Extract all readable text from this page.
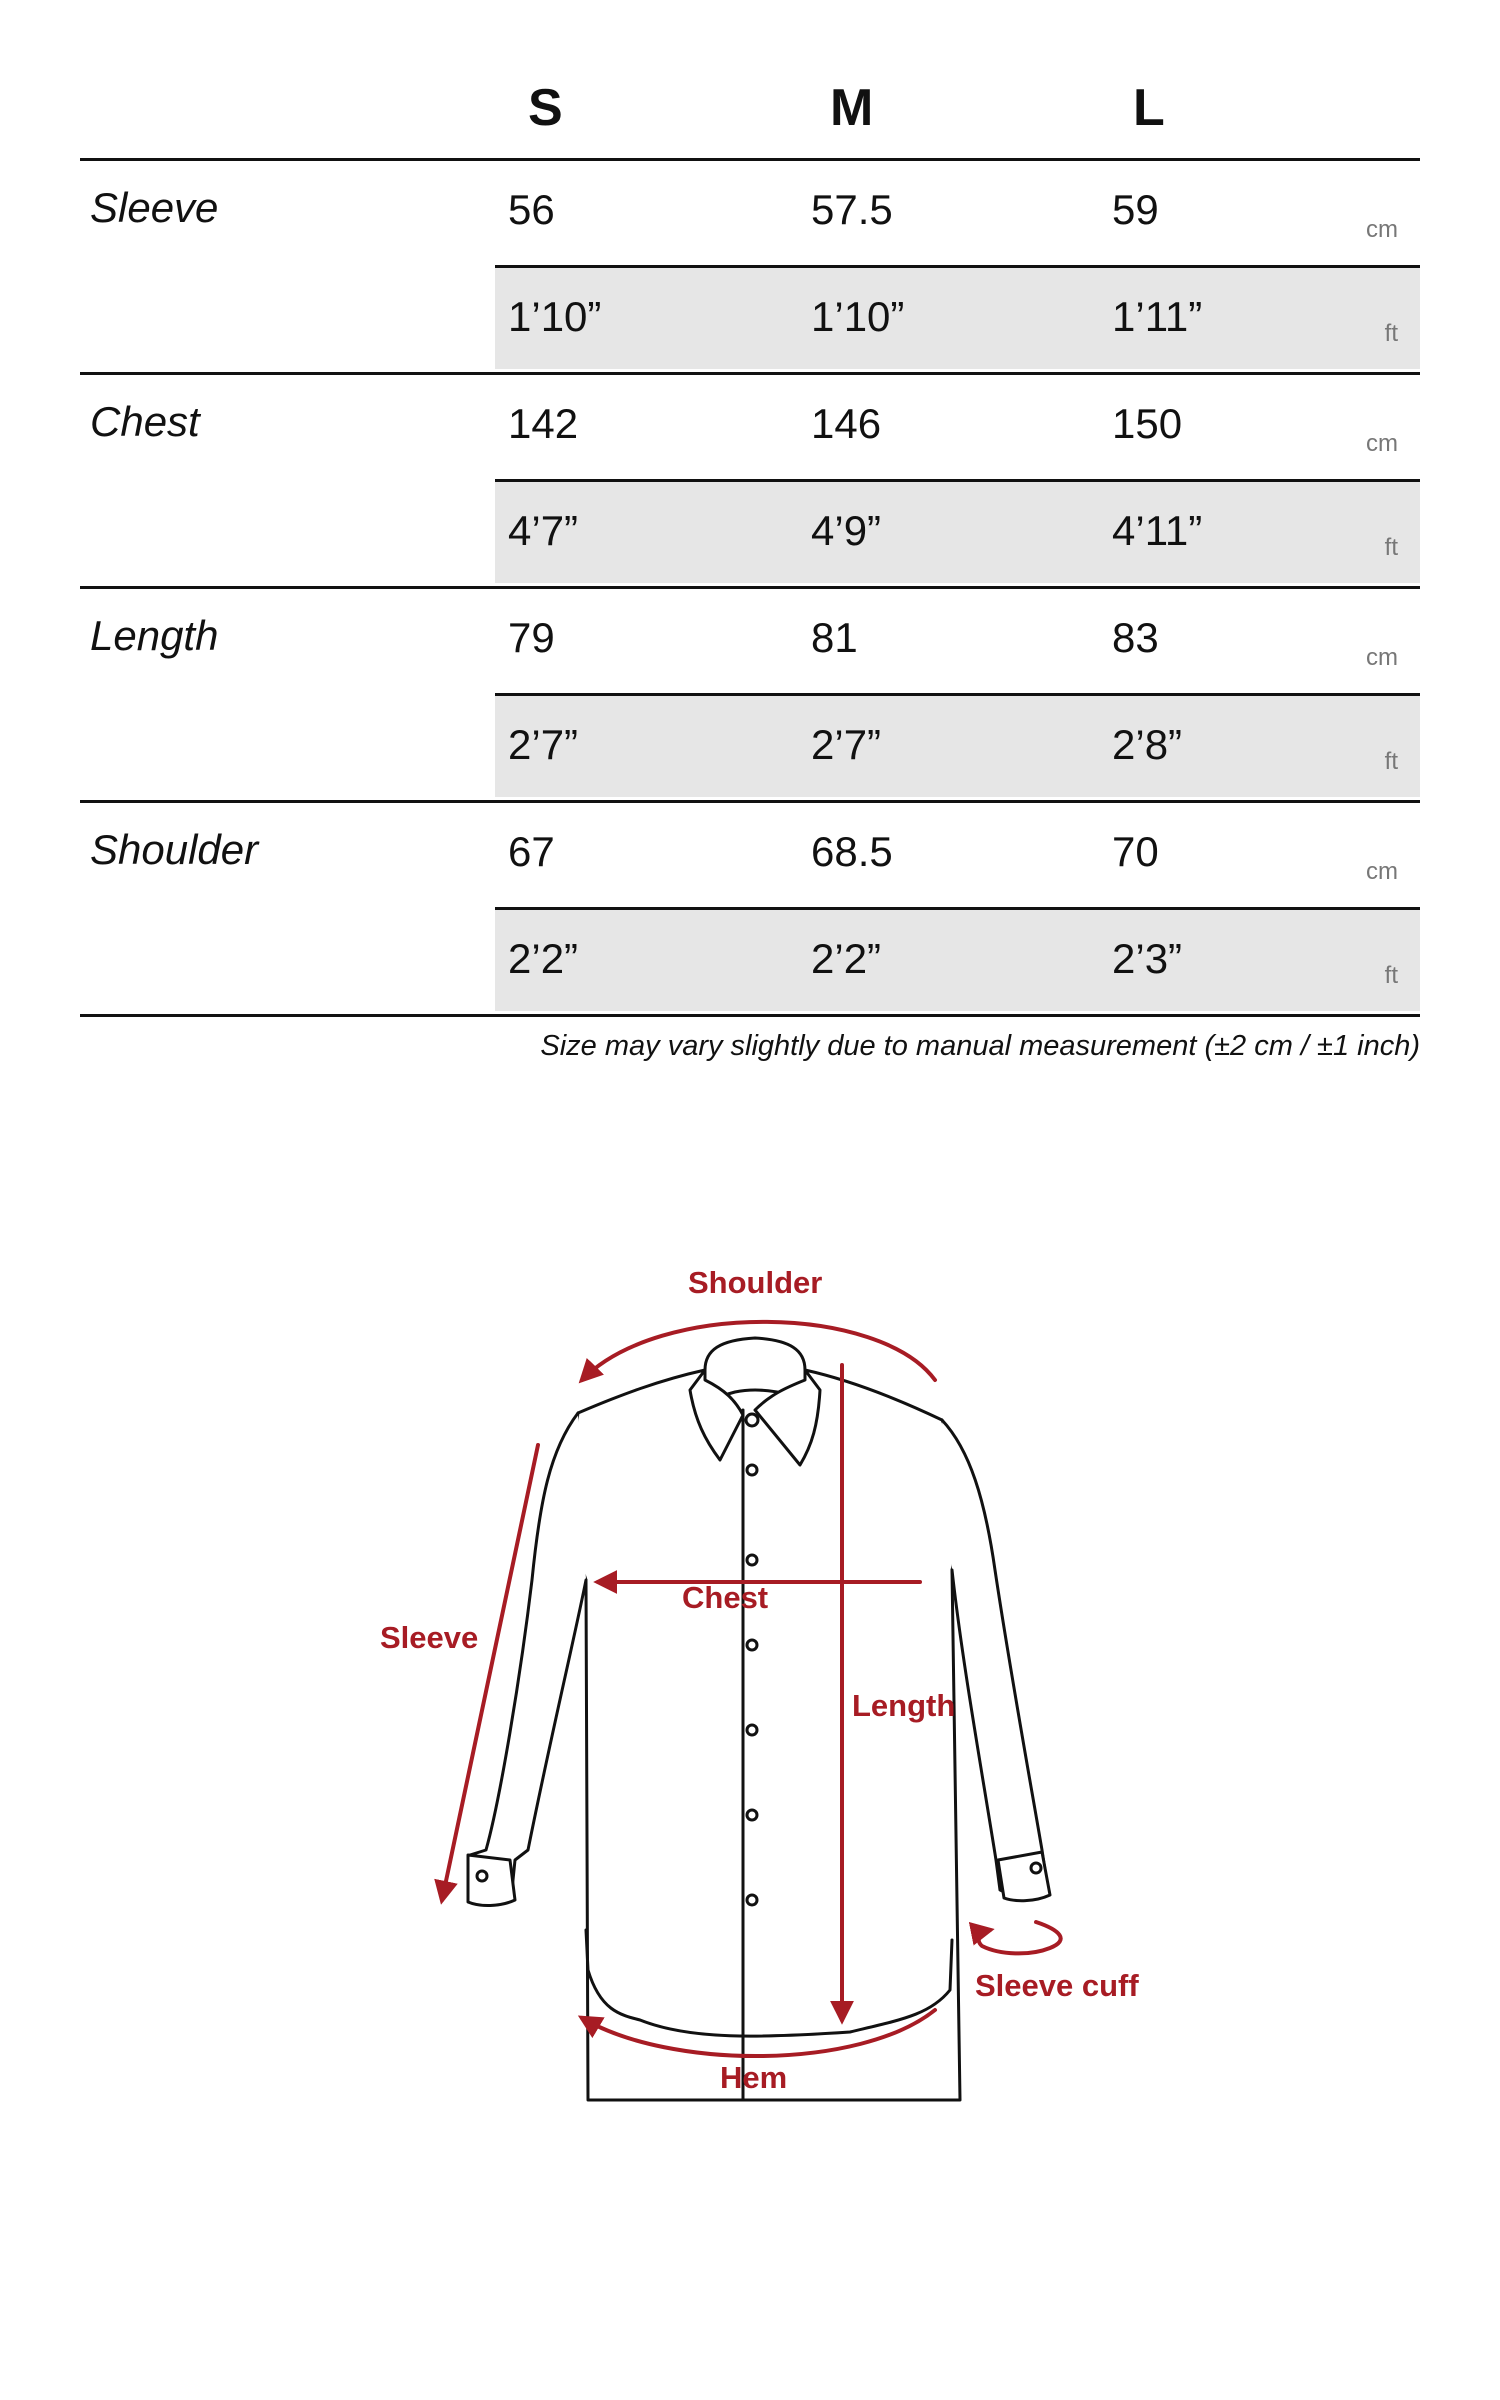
S	M	L
Sleeve	56	57.5	59	cm
1’10”	1’10”	1’11”	ft
Chest	142	146	150	cm
4’7”	4’9”	4’11”	ft
Length	79	81	83	cm
2’7”	2’7”	2’8”	ft
Shoulder	67	68.5	70	cm
2’2”	2’2”	2’3”	ft
Size may vary slightly due to manual measurement (±2 cm / ±1 inch)
Shoulder
Chest
Sleeve
Length
Sleeve cuff
Hem
